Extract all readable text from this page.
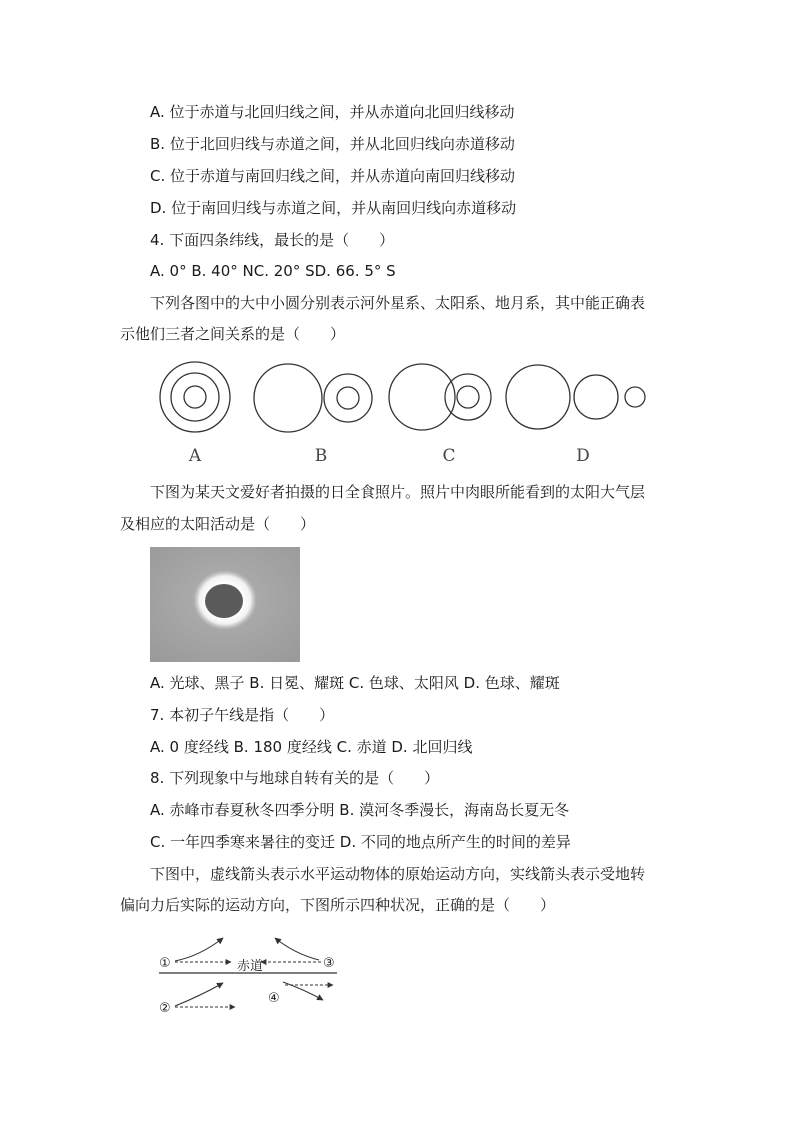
A. 位于赤道与北回归线之间，并从赤道向北回归线移动
B. 位于北回归线与赤道之间，并从北回归线向赤道移动
C. 位于赤道与南回归线之间，并从赤道向南回归线移动
D. 位于南回归线与赤道之间，并从南回归线向赤道移动
4. 下面四条纬线，最长的是（　　）
A. 0° B. 40° NC. 20° SD. 66. 5° S
下列各图中的大中小圆分别表示河外星系、太阳系、地月系，其中能正确表
示他们三者之间关系的是（　　）
A	B	C	D
下图为某天文爱好者拍摄的日全食照片。照片中肉眼所能看到的太阳大气层
及相应的太阳活动是（　　）
A. 光球、黑子 B. 日冕、耀斑 C. 色球、太阳风 D. 色球、耀斑
7. 本初子午线是指（　　）
A. 0 度经线 B. 180 度经线 C. 赤道 D. 北回归线
8. 下列现象中与地球自转有关的是（　　）
A. 赤峰市春夏秋冬四季分明 B. 漠河冬季漫长，海南岛长夏无冬
C. 一年四季寒来暑往的变迁 D. 不同的地点所产生的时间的差异
下图中，虚线箭头表示水平运动物体的原始运动方向，实线箭头表示受地转
偏向力后实际的运动方向，下图所示四种状况，正确的是（　　）
赤道
①	③
②
④
